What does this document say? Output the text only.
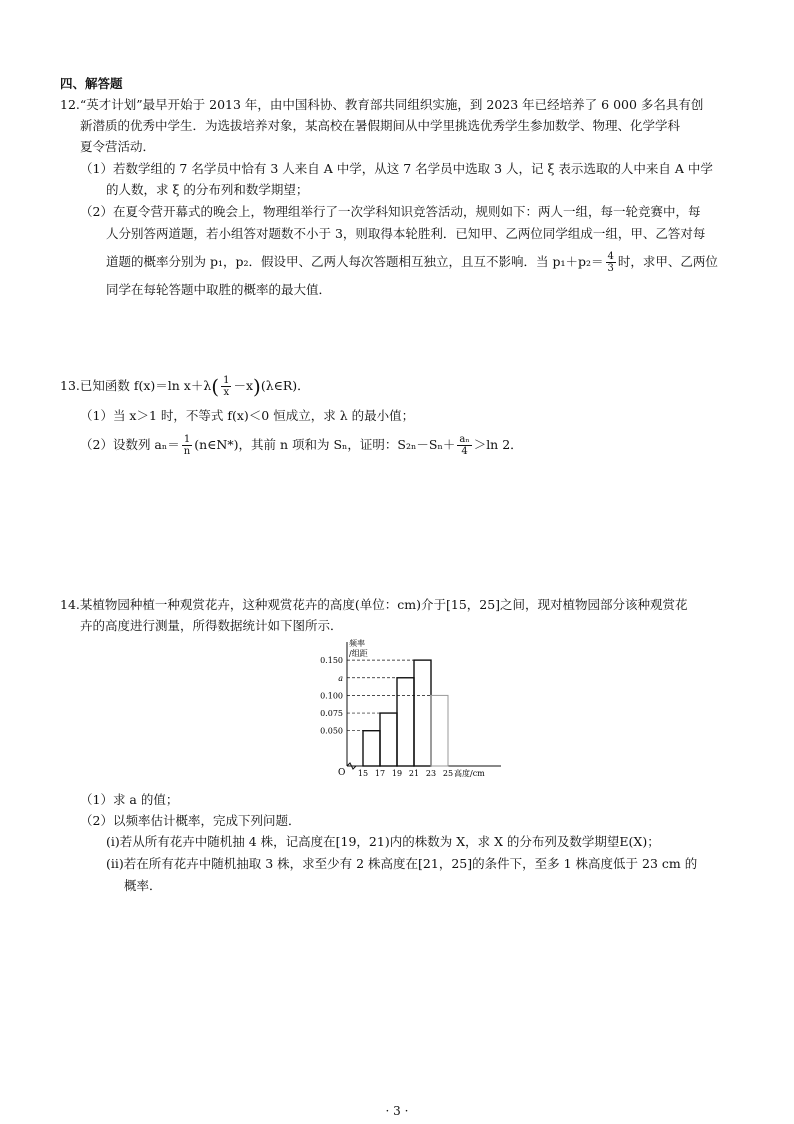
四、解答题
12.“英才计划”最早开始于 2013 年，由中国科协、教育部共同组织实施，到 2023 年已经培养了 6 000 多名具有创
新潜质的优秀中学生．为选拔培养对象，某高校在暑假期间从中学里挑选优秀学生参加数学、物理、化学学科
夏令营活动．
（1）若数学组的 7 名学员中恰有 3 人来自 A 中学，从这 7 名学员中选取 3 人，记 ξ 表示选取的人中来自 A 中学
的人数，求 ξ 的分布列和数学期望；
（2）在夏令营开幕式的晚会上，物理组举行了一次学科知识竞答活动，规则如下：两人一组，每一轮竞赛中，每
人分别答两道题，若小组答对题数不小于 3，则取得本轮胜利．已知甲、乙两位同学组成一组，甲、乙答对每
道题的概率分别为 p₁，p₂．假设甲、乙两人每次答题相互独立，且互不影响．当 $p_1+p_2= \frac{4}{3}$ 时，求甲、乙两位
同学在每轮答题中取胜的概率的最大值．
13.已知函数 f(x)＝ln $x+\lambda( \frac{1}{x}$ －x)(λ∈R)．
（1）当 x＞1 时，不等式 f(x)＜0 恒成立，求 λ 的最小值；
（2）设数列 $a_n= \frac{1}{n}$ (n∈N*)，其前 n 项和为 Sₙ，证明：$S_{2n}-S_n+ \frac{\text{aₙ}}{4} >\ln$ 2．
14.某植物园种植一种观赏花卉，这种观赏花卉的高度(单位：cm)介于[15，25]之间，现对植物园部分该种观赏花
卉的高度进行测量，所得数据统计如下图所示．
O
频率
/组距
高度/cm
0.050
0.075
0.100
a
0.150
15 17 19 21 23 25
（1）求 a 的值；
（2）以频率估计概率，完成下列问题．
(i)若从所有花卉中随机抽 4 株，记高度在[19，21)内的株数为 X，求 X 的分布列及数学期望E(X)；
(ii)若在所有花卉中随机抽取 3 株，求至少有 2 株高度在[21，25]的条件下，至多 1 株高度低于 23 cm 的
概率．
· 3 ·
